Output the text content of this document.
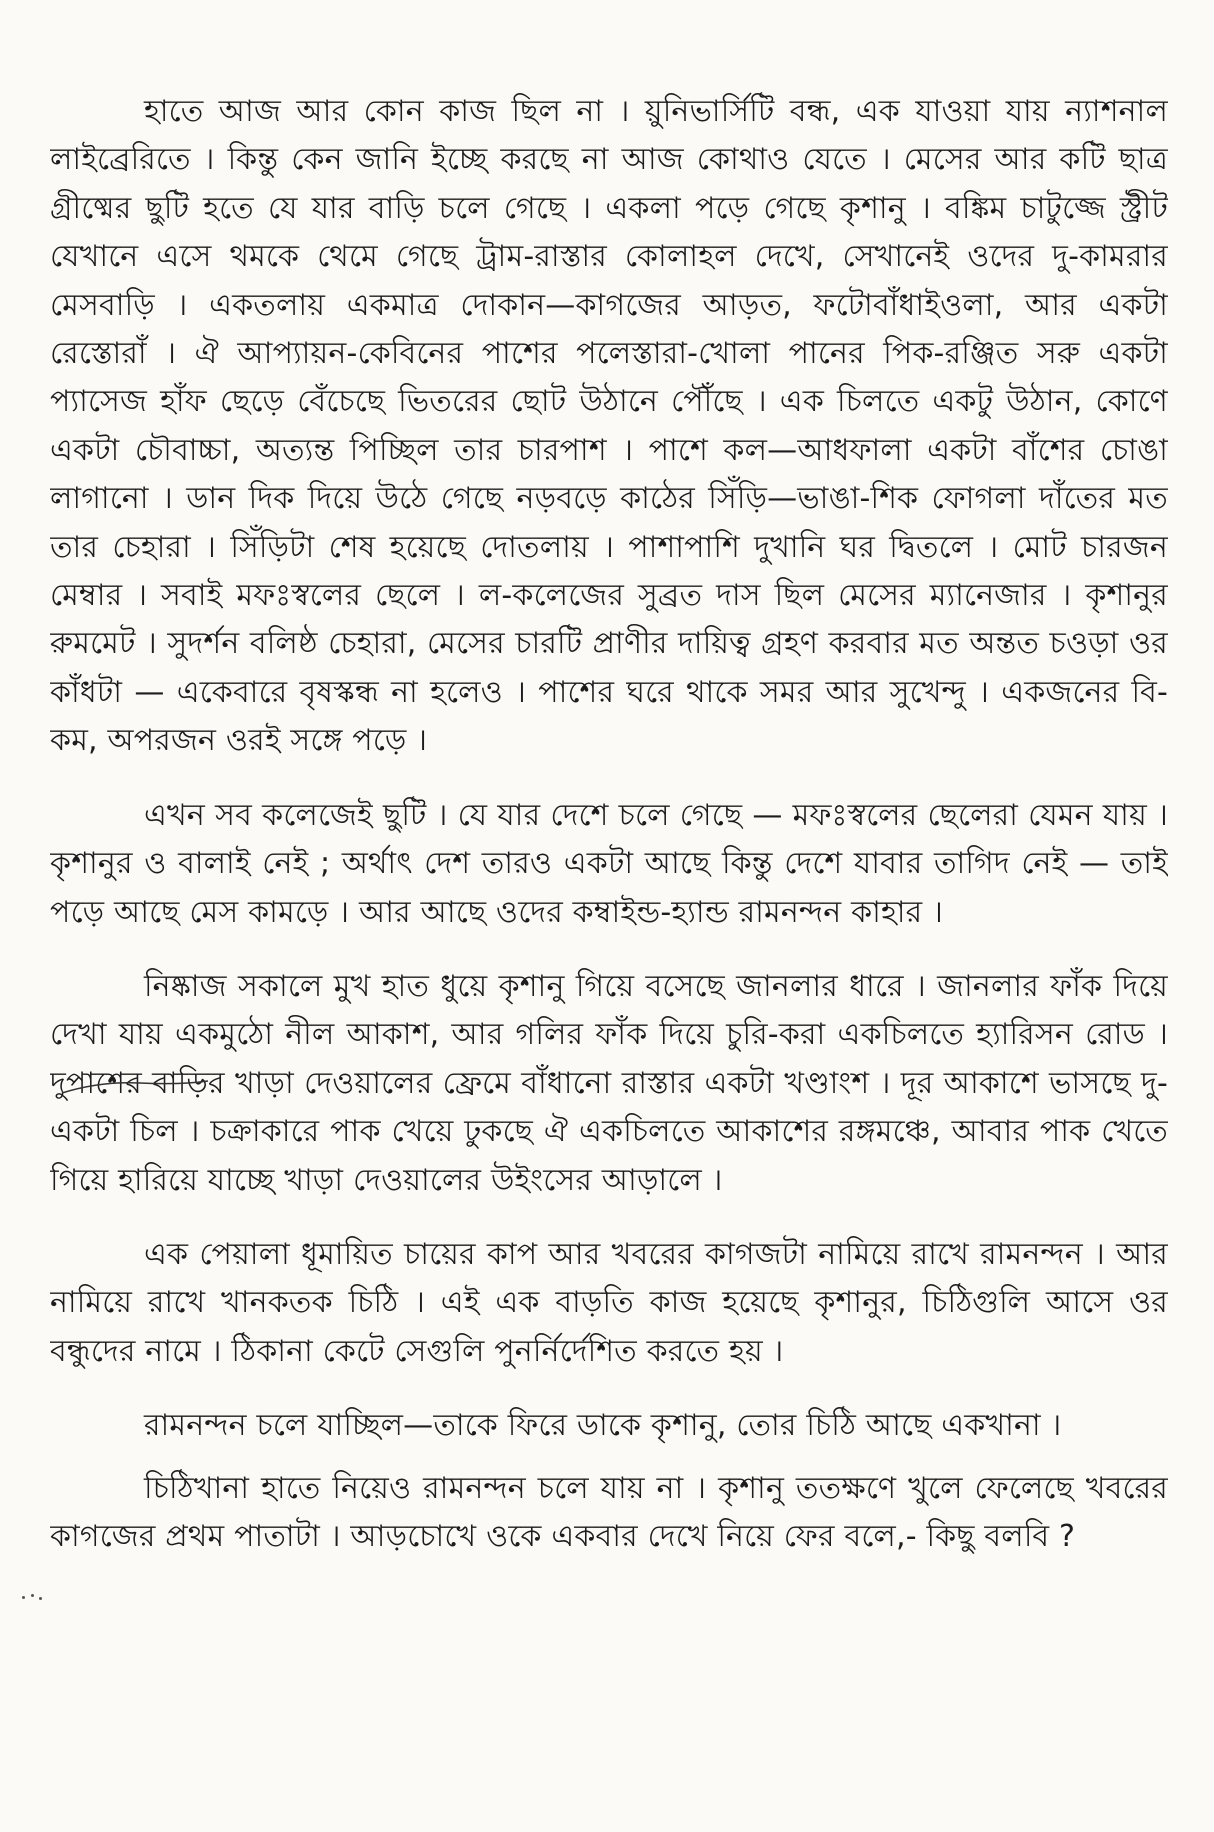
হাতে আজ আর কোন কাজ ছিল না । য়ুনিভার্সিটি বন্ধ, এক যাওয়া যায় ন্যাশনাল লাইব্রেরিতে । কিন্তু কেন জানি ইচ্ছে করছে না আজ কোথাও যেতে । মেসের আর কটি ছাত্র গ্রীষ্মের ছুটি হতে যে যার বাড়ি চলে গেছে । একলা পড়ে গেছে কৃশানু । বঙ্কিম চাটুজ্জে স্ট্রীট যেখানে এসে থমকে থেমে গেছে ট্রাম-রাস্তার কোলাহল দেখে, সেখানেই ওদের দু-কামরার মেসবাড়ি । একতলায় একমাত্র দোকান—কাগজের আড়ত, ফটোবাঁধাইওলা, আর একটা রেস্তোরাঁ । ঐ আপ্যায়ন-কেবিনের পাশের পলেস্তারা-খোলা পানের পিক-রঞ্জিত সরু একটা প্যাসেজ হাঁফ ছেড়ে বেঁচেছে ভিতরের ছোট উঠানে পৌঁছে । এক চিলতে একটু উঠান, কোণে একটা চৌবাচ্চা, অত্যন্ত পিচ্ছিল তার চারপাশ । পাশে কল—আধফালা একটা বাঁশের চোঙা লাগানো । ডান দিক দিয়ে উঠে গেছে নড়বড়ে কাঠের সিঁড়ি—ভাঙা-শিক ফোগলা দাঁতের মত তার চেহারা । সিঁড়িটা শেষ হয়েছে দোতলায় । পাশাপাশি দুখানি ঘর দ্বিতলে । মোট চারজন মেম্বার । সবাই মফঃস্বলের ছেলে । ল-কলেজের সুব্রত দাস ছিল মেসের ম্যানেজার । কৃশানুর রুমমেট । সুদর্শন বলিষ্ঠ চেহারা, মেসের চারটি প্রাণীর দায়িত্ব গ্রহণ করবার মত অন্তত চওড়া ওর কাঁধটা — একেবারে বৃষস্কন্ধ না হলেও । পাশের ঘরে থাকে সমর আর সুখেন্দু । একজনের বি-কম, অপরজন ওরই সঙ্গে পড়ে ।

এখন সব কলেজেই ছুটি । যে যার দেশে চলে গেছে — মফঃস্বলের ছেলেরা যেমন যায় । কৃশানুর ও বালাই নেই ; অর্থাৎ দেশ তারও একটা আছে কিন্তু দেশে যাবার তাগিদ নেই — তাই পড়ে আছে মেস কামড়ে । আর আছে ওদের কম্বাইন্ড-হ্যান্ড রামনন্দন কাহার ।

নিষ্কাজ সকালে মুখ হাত ধুয়ে কৃশানু গিয়ে বসেছে জানলার ধারে । জানলার ফাঁক দিয়ে দেখা যায় একমুঠো নীল আকাশ, আর গলির ফাঁক দিয়ে চুরি-করা একচিলতে হ্যারিসন রোড । দুপাশের বাড়ির খাড়া দেওয়ালের ফ্রেমে বাঁধানো রাস্তার একটা খণ্ডাংশ । দূর আকাশে ভাসছে দু-একটা চিল । চক্রাকারে পাক খেয়ে ঢুকছে ঐ একচিলতে আকাশের রঙ্গমঞ্চে, আবার পাক খেতে গিয়ে হারিয়ে যাচ্ছে খাড়া দেওয়ালের উইংসের আড়ালে ।

এক পেয়ালা ধূমায়িত চায়ের কাপ আর খবরের কাগজটা নামিয়ে রাখে রামনন্দন । আর নামিয়ে রাখে খানকতক চিঠি । এই এক বাড়তি কাজ হয়েছে কৃশানুর, চিঠিগুলি আসে ওর বন্ধুদের নামে । ঠিকানা কেটে সেগুলি পুনর্নির্দেশিত করতে হয় ।

রামনন্দন চলে যাচ্ছিল—তাকে ফিরে ডাকে কৃশানু, তোর চিঠি আছে একখানা ।

চিঠিখানা হাতে নিয়েও রামনন্দন চলে যায় না । কৃশানু ততক্ষণে খুলে ফেলেছে খবরের কাগজের প্রথম পাতাটা । আড়চোখে ওকে একবার দেখে নিয়ে ফের বলে,- কিছু বলবি ?
